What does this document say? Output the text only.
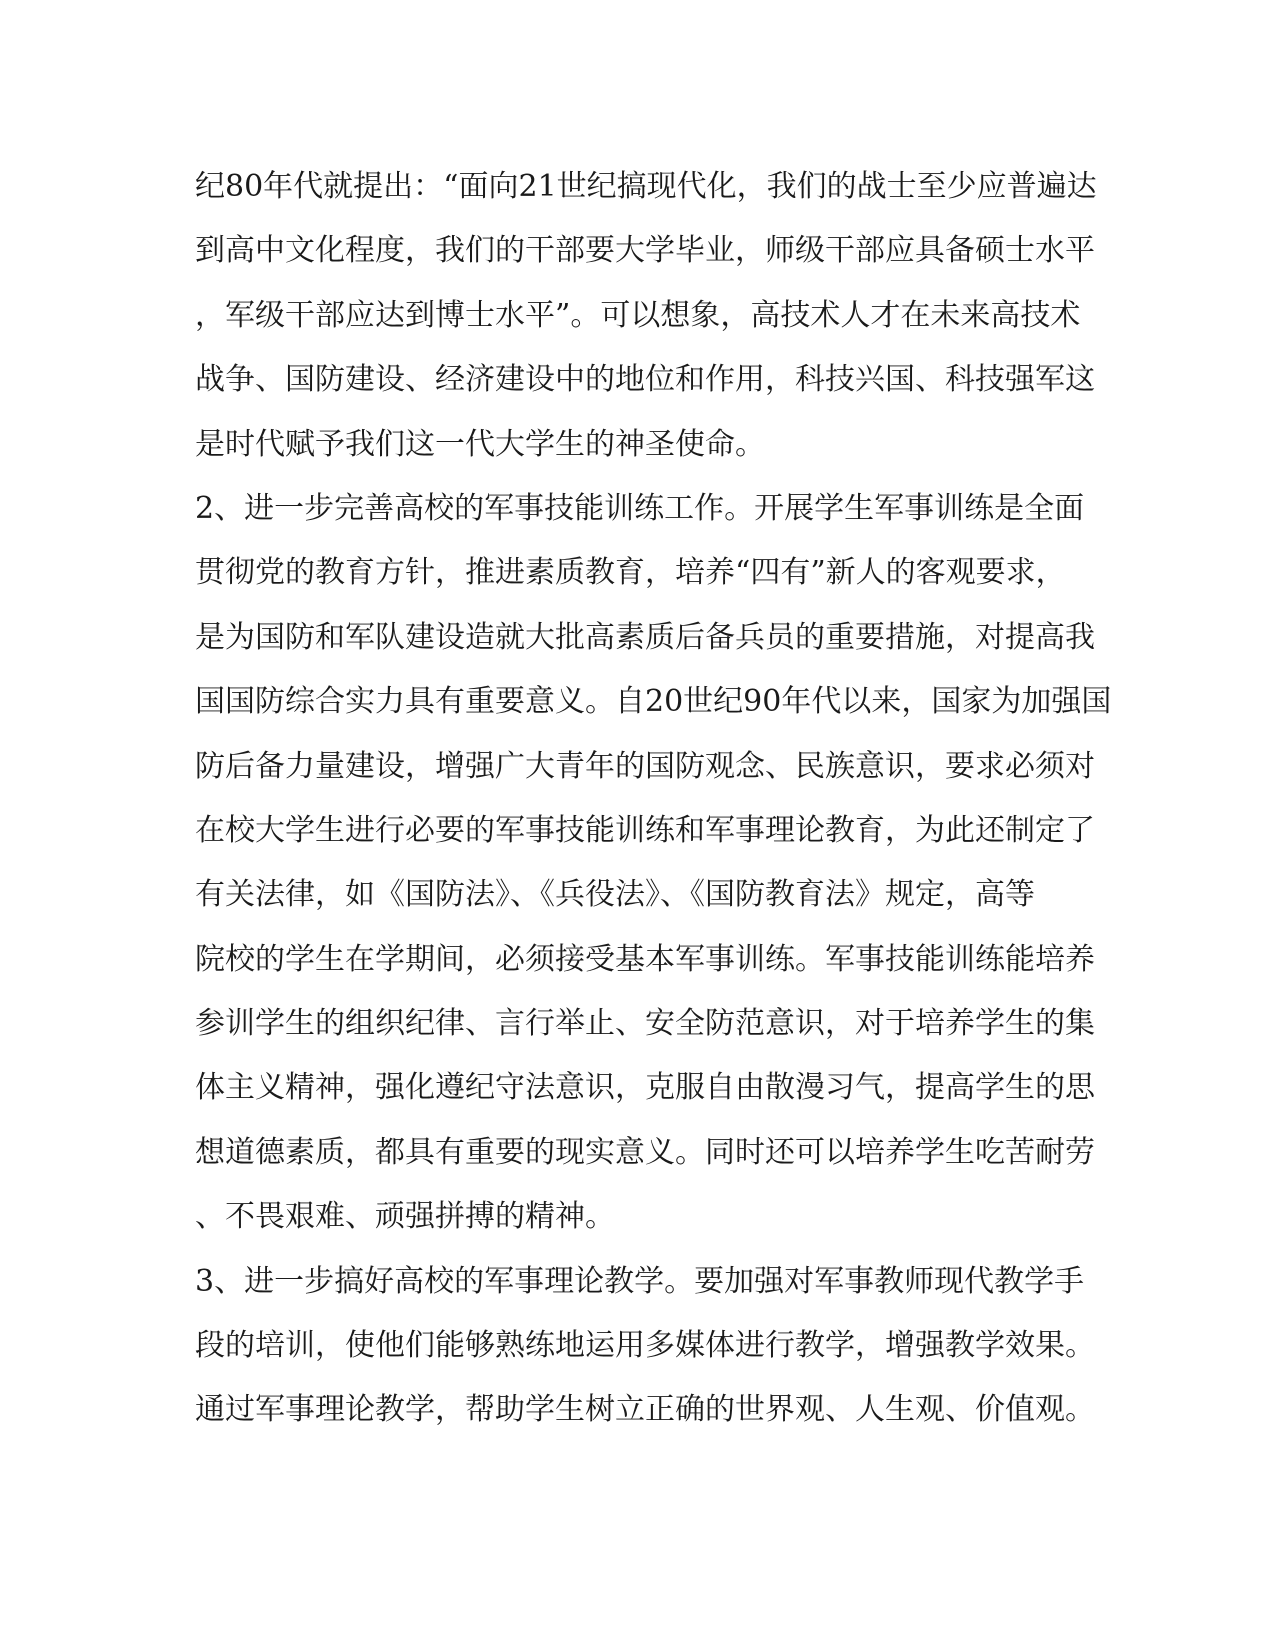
纪80年代就提出：“面向21世纪搞现代化，我们的战士至少应普遍达
到高中文化程度，我们的干部要大学毕业，师级干部应具备硕士水平
，军级干部应达到博士水平”。可以想象，高技术人才在未来高技术
战争、国防建设、经济建设中的地位和作用，科技兴国、科技强军这
是时代赋予我们这一代大学生的神圣使命。
2、进一步完善高校的军事技能训练工作。开展学生军事训练是全面
贯彻党的教育方针，推进素质教育，培养“四有”新人的客观要求，
是为国防和军队建设造就大批高素质后备兵员的重要措施，对提高我
国国防综合实力具有重要意义。自20世纪90年代以来，国家为加强国
防后备力量建设，增强广大青年的国防观念、民族意识，要求必须对
在校大学生进行必要的军事技能训练和军事理论教育，为此还制定了
有关法律，如《国防法》、《兵役法》、《国防教育法》规定，高等
院校的学生在学期间，必须接受基本军事训练。军事技能训练能培养
参训学生的组织纪律、言行举止、安全防范意识，对于培养学生的集
体主义精神，强化遵纪守法意识，克服自由散漫习气，提高学生的思
想道德素质，都具有重要的现实意义。同时还可以培养学生吃苦耐劳
、不畏艰难、顽强拼搏的精神。
3、进一步搞好高校的军事理论教学。要加强对军事教师现代教学手
段的培训，使他们能够熟练地运用多媒体进行教学，增强教学效果。
通过军事理论教学，帮助学生树立正确的世界观、人生观、价值观。
